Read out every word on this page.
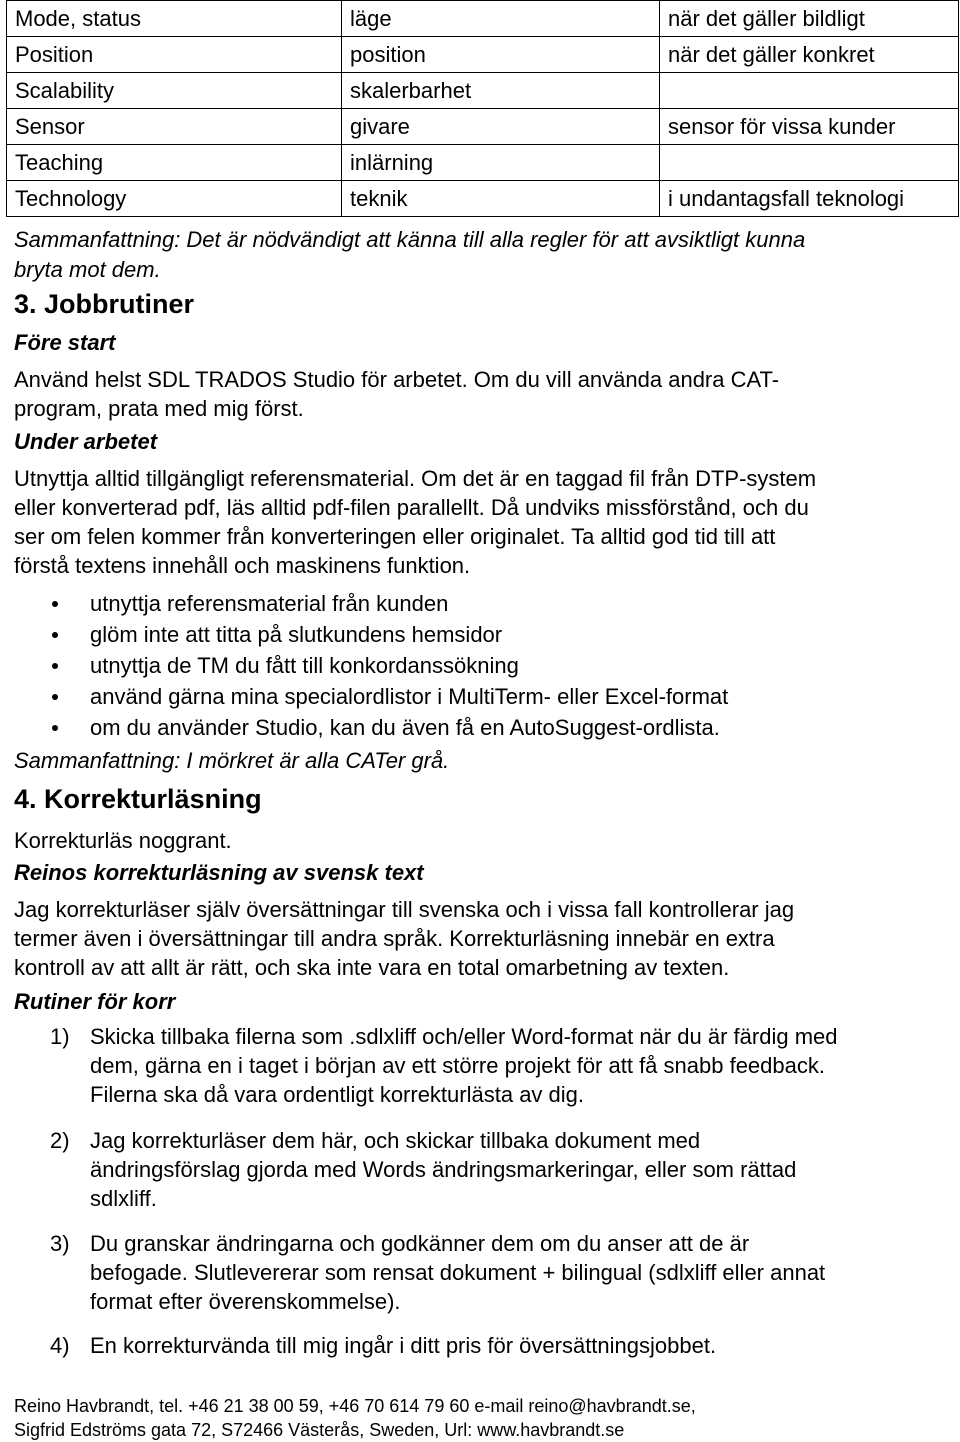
Mode, status	läge	när det gäller bildligt
Position	position	när det gäller konkret
Scalability	skalerbarhet	
Sensor	givare	sensor för vissa kunder
Teaching	inlärning	
Technology	teknik	i undantagsfall teknologi
Sammanfattning: Det är nödvändigt att känna till alla regler för att avsiktligt kunna
bryta mot dem.
3. Jobbrutiner
Före start
Använd helst SDL TRADOS Studio för arbetet. Om du vill använda andra CAT-
program, prata med mig först.
Under arbetet
Utnyttja alltid tillgängligt referensmaterial. Om det är en taggad fil från DTP-system
eller konverterad pdf, läs alltid pdf-filen parallellt. Då undviks missförstånd, och du
ser om felen kommer från konverteringen eller originalet. Ta alltid god tid till att
förstå textens innehåll och maskinens funktion.
utnyttja referensmaterial från kunden
glöm inte att titta på slutkundens hemsidor
utnyttja de TM du fått till konkordanssökning
använd gärna mina specialordlistor i MultiTerm- eller Excel-format
om du använder Studio, kan du även få en AutoSuggest-ordlista.
Sammanfattning: I mörkret är alla CATer grå.
4. Korrekturläsning
Korrekturläs noggrant.
Reinos korrekturläsning av svensk text
Jag korrekturläser själv översättningar till svenska och i vissa fall kontrollerar jag
termer även i översättningar till andra språk. Korrekturläsning innebär en extra
kontroll av att allt är rätt, och ska inte vara en total omarbetning av texten.
Rutiner för korr
1) Skicka tillbaka filerna som .sdlxliff och/eller Word-format när du är färdig med
dem, gärna en i taget i början av ett större projekt för att få snabb feedback.
Filerna ska då vara ordentligt korrekturlästa av dig.
2) Jag korrekturläser dem här, och skickar tillbaka dokument med
ändringsförslag gjorda med Words ändringsmarkeringar, eller som rättad
sdlxliff.
3) Du granskar ändringarna och godkänner dem om du anser att de är
befogade. Slutlevererar som rensat dokument + bilingual (sdlxliff eller annat
format efter överenskommelse).
4) En korrekturvända till mig ingår i ditt pris för översättningsjobbet.
Reino Havbrandt, tel. +46 21 38 00 59, +46 70 614 79 60 e-mail reino@havbrandt.se,
Sigfrid Edströms gata 72, S72466 Västerås, Sweden, Url: www.havbrandt.se
